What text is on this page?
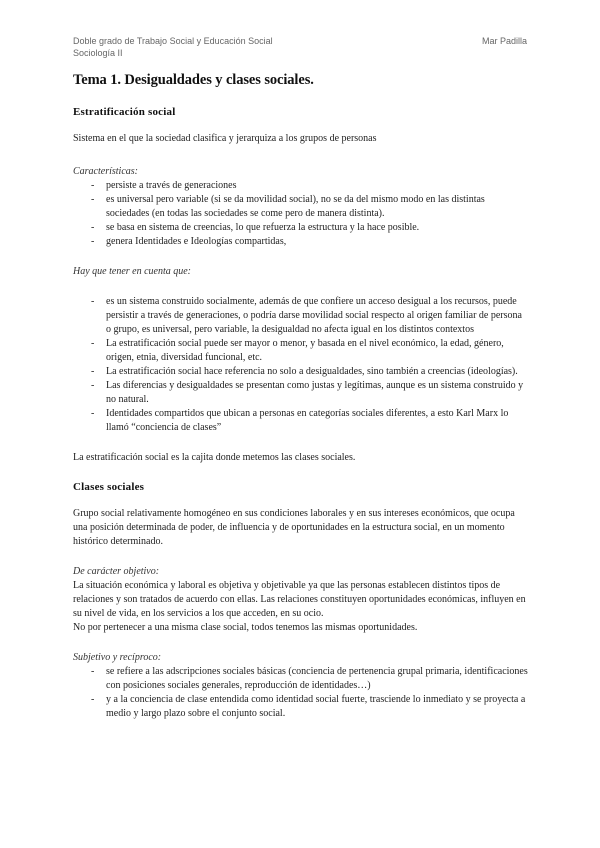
Doble grado de Trabajo Social y Educación Social
Sociología II
Mar Padilla
Tema 1. Desigualdades y clases sociales.
Estratificación social

Sistema en el que la sociedad clasifica y jerarquiza a los grupos de personas

Características:

- persiste a través de generaciones
- es universal pero variable (si se da movilidad social), no se da del mismo modo en las distintas sociedades (en todas las sociedades se come pero de manera distinta).
- se basa en sistema de creencias, lo que refuerza la estructura y la hace posible.
- genera Identidades e Ideologías compartidas,

Hay que tener en cuenta que:

- es un sistema construido socialmente, además de que confiere un acceso desigual a los recursos, puede persistir a través de generaciones, o podría darse movilidad social respecto al origen familiar de persona o grupo, es universal, pero variable, la desigualdad no afecta igual en los distintos contextos
- La estratificación social puede ser mayor o menor, y basada en el nivel económico, la edad, género, origen, etnia, diversidad funcional, etc.
- La estratificación social hace referencia no solo a desigualdades, sino también a creencias (ideologías).
- Las diferencias y desigualdades se presentan como justas y legítimas, aunque es un sistema construido y no natural.
- Identidades compartidos que ubican a personas en categorías sociales diferentes, a esto Karl Marx lo llamó “conciencia de clases”

La estratificación social es la cajita donde metemos las clases sociales.

Clases sociales

Grupo social relativamente homogéneo en sus condiciones laborales y en sus intereses económicos, que ocupa una posición determinada de poder, de influencia y de oportunidades en la estructura social, en un momento histórico determinado.

De carácter objetivo:

La situación económica y laboral es objetiva y objetivable ya que las personas establecen distintos tipos de relaciones y son tratados de acuerdo con ellas. Las relaciones constituyen oportunidades económicas, influyen en su nivel de vida, en los servicios a los que acceden, en su ocio.

No por pertenecer a una misma clase social, todos tenemos las mismas oportunidades.

Subjetivo y recíproco:

- se refiere a las adscripciones sociales básicas (conciencia de pertenencia grupal primaria, identificaciones con posiciones sociales generales, reproducción de identidades…)
- y a la conciencia de clase entendida como identidad social fuerte, trasciende lo inmediato y se proyecta a medio y largo plazo sobre el conjunto social.
